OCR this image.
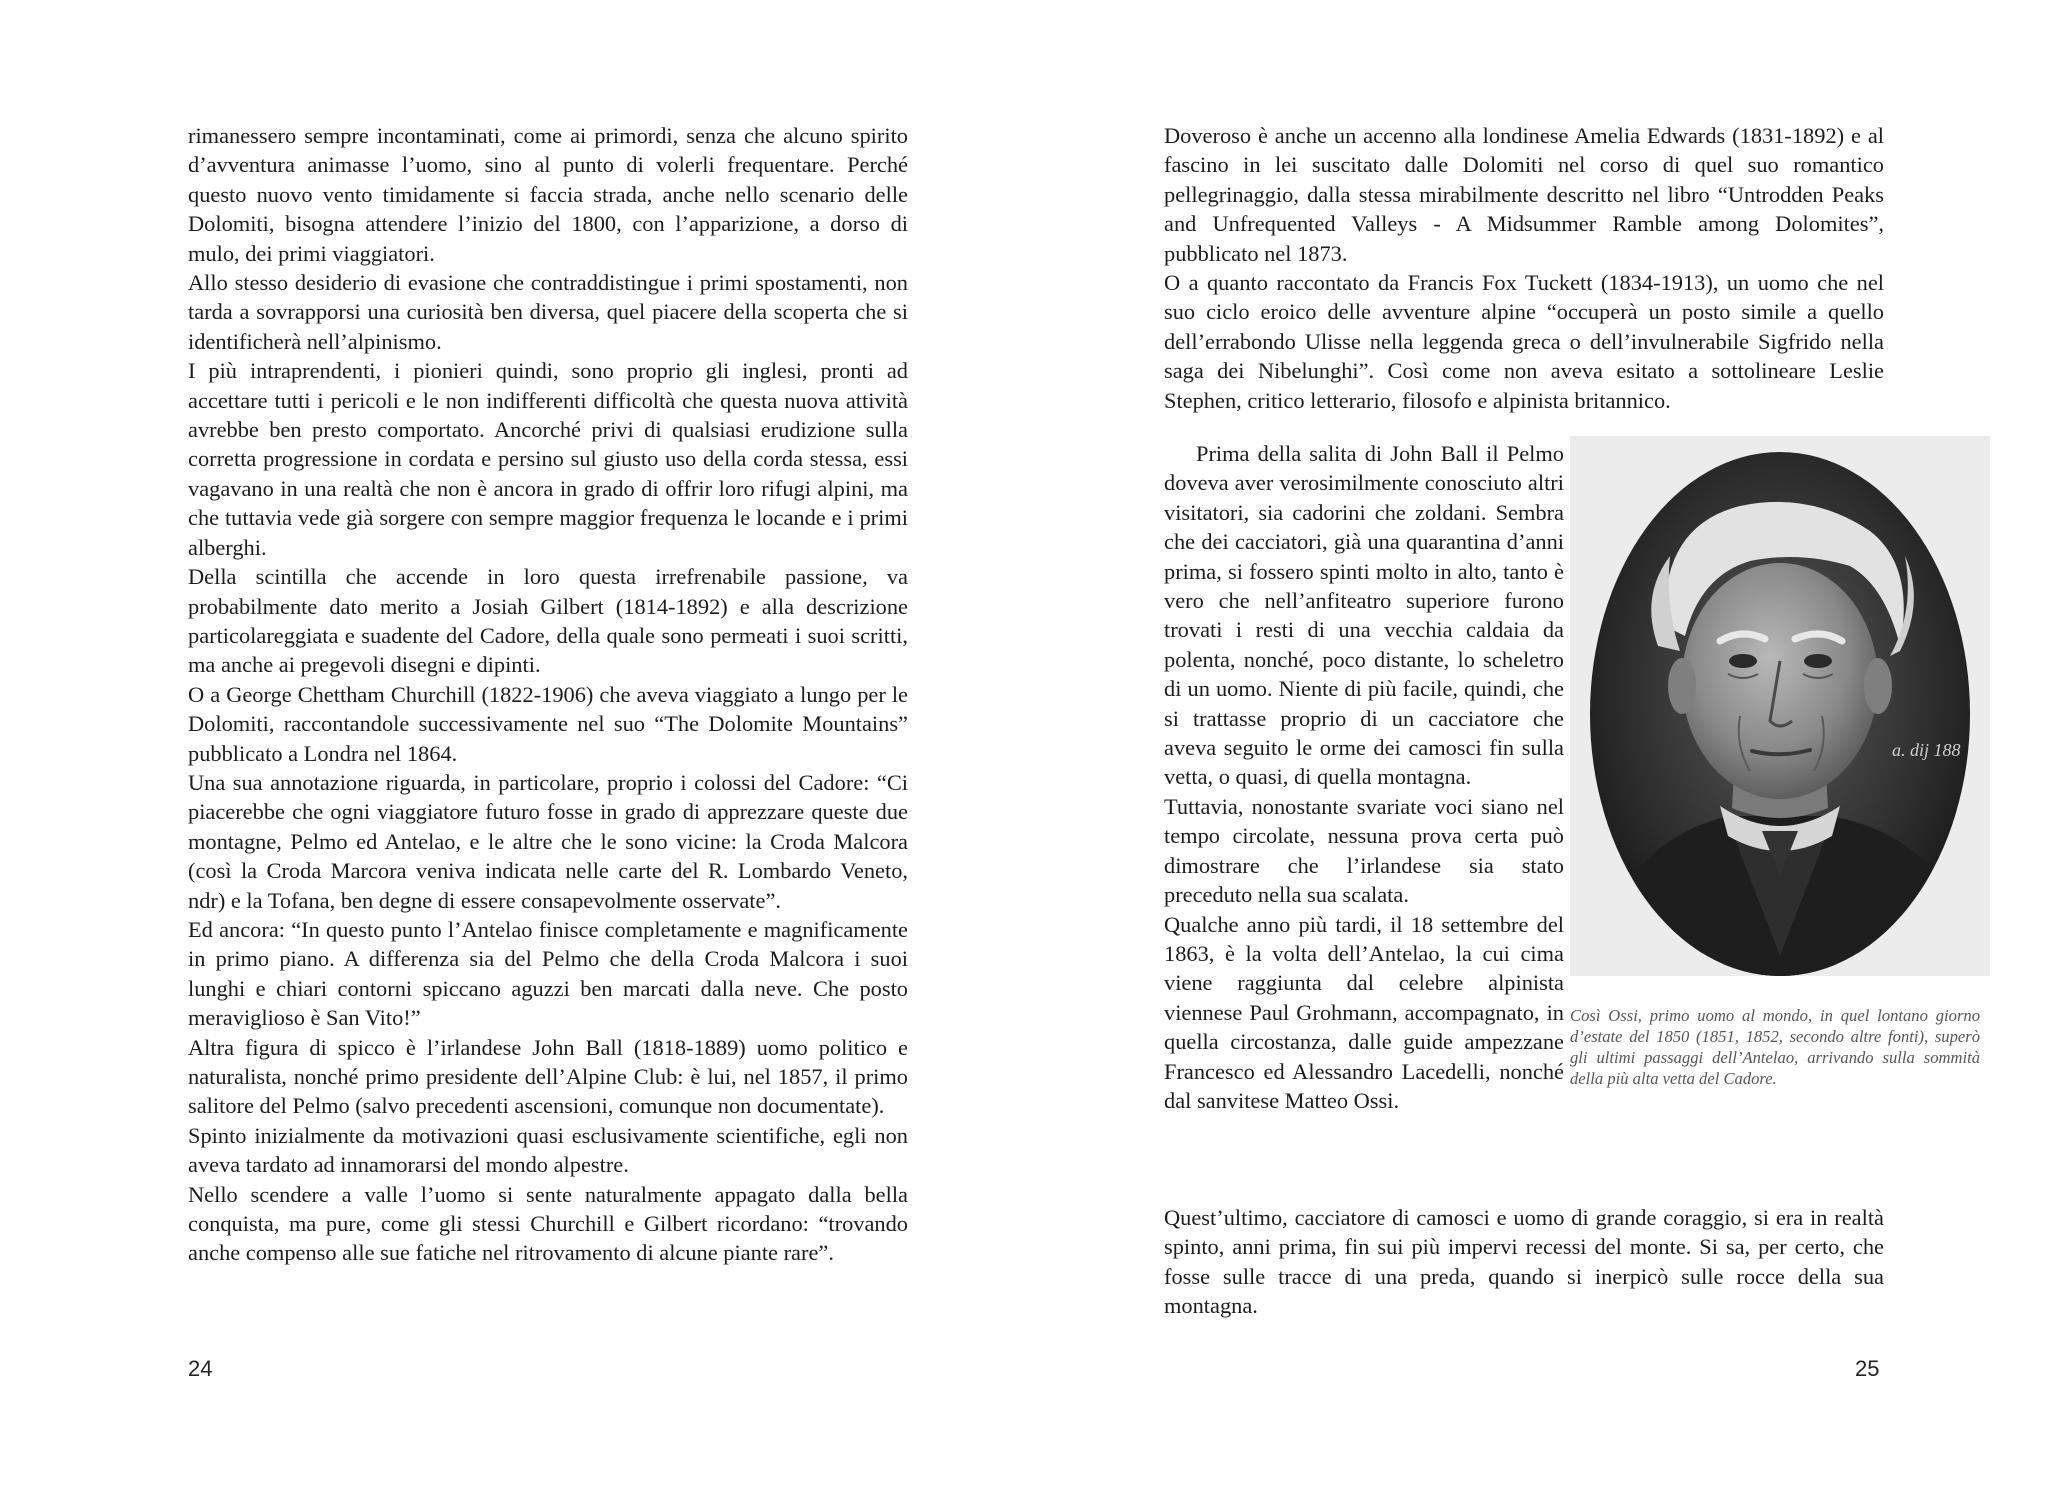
rimanessero sempre incontaminati, come ai primordi, senza che alcuno spirito d’avventura animasse l’uomo, sino al punto di volerli frequentare. Perché questo nuovo vento timidamente si faccia strada, anche nello scenario delle Dolomiti, bisogna attendere l’inizio del 1800, con l’apparizione, a dorso di mulo, dei primi viaggiatori.

Allo stesso desiderio di evasione che contraddistingue i primi spostamenti, non tarda a sovrapporsi una curiosità ben diversa, quel piacere della scoperta che si identificherà nell’alpinismo.

I più intraprendenti, i pionieri quindi, sono proprio gli inglesi, pronti ad accettare tutti i pericoli e le non indifferenti difficoltà che questa nuova attività avrebbe ben presto comportato. Ancorché privi di qualsiasi erudizione sulla corretta progressione in cordata e persino sul giusto uso della corda stessa, essi vagavano in una realtà che non è ancora in grado di offrir loro rifugi alpini, ma che tuttavia vede già sorgere con sempre maggior frequenza le locande e i primi alberghi.

Della scintilla che accende in loro questa irrefrenabile passione, va probabilmente dato merito a Josiah Gilbert (1814-1892) e alla descrizione particolareggiata e suadente del Cadore, della quale sono permeati i suoi scritti, ma anche ai pregevoli disegni e dipinti.

O a George Chettham Churchill (1822-1906) che aveva viaggiato a lungo per le Dolomiti, raccontandole successivamente nel suo “The Dolomite Mountains” pubblicato a Londra nel 1864.

Una sua annotazione riguarda, in particolare, proprio i colossi del Cadore: “Ci piacerebbe che ogni viaggiatore futuro fosse in grado di apprezzare queste due montagne, Pelmo ed Antelao, e le altre che le sono vicine: la Croda Malcora (così la Croda Marcora veniva indicata nelle carte del R. Lombardo Veneto, ndr) e la Tofana, ben degne di essere consapevolmente osservate”.

Ed ancora: “In questo punto l’Antelao finisce completamente e magnificamente in primo piano. A differenza sia del Pelmo che della Croda Malcora i suoi lunghi e chiari contorni spiccano aguzzi ben marcati dalla neve. Che posto meraviglioso è San Vito!”

Altra figura di spicco è l’irlandese John Ball (1818-1889) uomo politico e naturalista, nonché primo presidente dell’Alpine Club: è lui, nel 1857, il primo salitore del Pelmo (salvo precedenti ascensioni, comunque non documentate).

Spinto inizialmente da motivazioni quasi esclusivamente scientifiche, egli non aveva tardato ad innamorarsi del mondo alpestre.

Nello scendere a valle l’uomo si sente naturalmente appagato dalla bella conquista, ma pure, come gli stessi Churchill e Gilbert ricordano: “trovando anche compenso alle sue fatiche nel ritrovamento di alcune piante rare”.

24

Doveroso è anche un accenno alla londinese Amelia Edwards (1831-1892) e al fascino in lei suscitato dalle Dolomiti nel corso di quel suo romantico pellegrinaggio, dalla stessa mirabilmente descritto nel libro “Untrodden Peaks and Unfrequented Valleys - A Midsummer Ramble among Dolomites”, pubblicato nel 1873.

O a quanto raccontato da Francis Fox Tuckett (1834-1913), un uomo che nel suo ciclo eroico delle avventure alpine “occuperà un posto simile a quello dell’errabondo Ulisse nella leggenda greca o dell’invulnerabile Sigfrido nella saga dei Nibelunghi”. Così come non aveva esitato a sottolineare Leslie Stephen, critico letterario, filosofo e alpinista britannico.

Prima della salita di John Ball il Pelmo doveva aver verosimilmente conosciuto altri visitatori, sia cadorini che zoldani. Sembra che dei cacciatori, già una quarantina d’anni prima, si fossero spinti molto in alto, tanto è vero che nell’anfiteatro superiore furono trovati i resti di una vecchia caldaia da polenta, nonché, poco distante, lo scheletro di un uomo. Niente di più facile, quindi, che si trattasse proprio di un cacciatore che aveva seguito le orme dei camosci fin sulla vetta, o quasi, di quella montagna.

Tuttavia, nonostante svariate voci siano nel tempo circolate, nessuna prova certa può dimostrare che l’irlandese sia stato preceduto nella sua scalata.

Qualche anno più tardi, il 18 settembre del 1863, è la volta dell’Antelao, la cui cima viene raggiunta dal celebre alpinista viennese Paul Grohmann, accompagnato, in quella circostanza, dalle guide ampezzane Francesco ed Alessandro Lacedelli, nonché dal sanvitese Matteo Ossi.

a. dij 188
Così Ossi, primo uomo al mondo, in quel lontano giorno d’estate del 1850 (1851, 1852, secondo altre fonti), superò gli ultimi passaggi dell’Antelao, arrivando sulla sommità della più alta vetta del Cadore.

Quest’ultimo, cacciatore di camosci e uomo di grande coraggio, si era in realtà spinto, anni prima, fin sui più impervi recessi del monte. Si sa, per certo, che fosse sulle tracce di una preda, quando si inerpicò sulle rocce della sua montagna.

25
